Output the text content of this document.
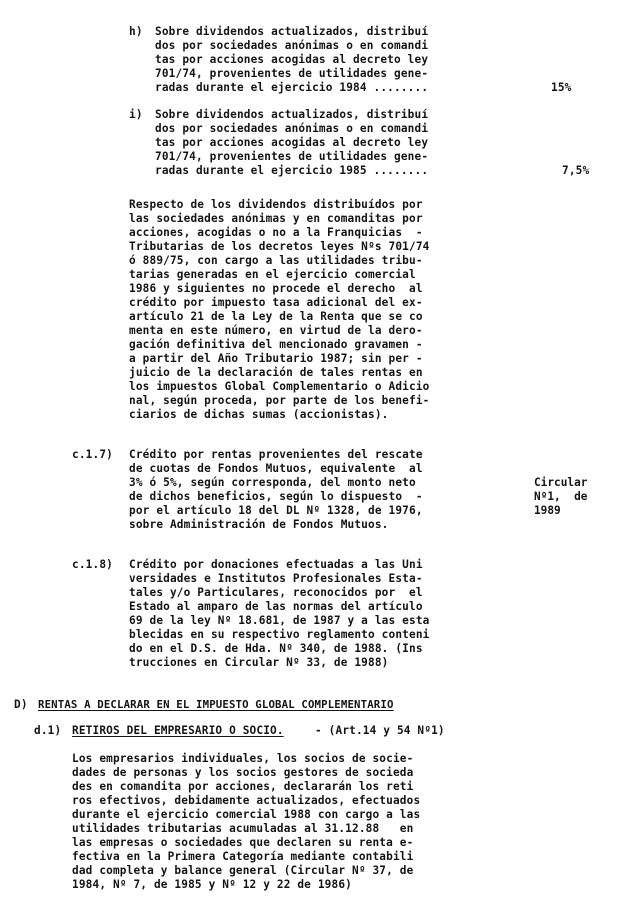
h) Sobre dividendos actualizados, distribuí
dos por sociedades anónimas o en comandi
tas por acciones acogidas al decreto ley
701/74, provenientes de utilidades gene-
radas durante el ejercicio 1984 ........	15%
i) Sobre dividendos actualizados, distribuí
dos por sociedades anónimas o en comandi
tas por acciones acogidas al decreto ley
701/74, provenientes de utilidades gene-
radas durante el ejercicio 1985 ........	7,5%
Respecto de los dividendos distribuídos por
las sociedades anónimas y en comanditas por
acciones, acogidas o no a la Franquicias  -
Tributarias de los decretos leyes Nºs 701/74
ó 889/75, con cargo a las utilidades tribu-
tarias generadas en el ejercicio comercial
1986 y siguientes no procede el derecho  al
crédito por impuesto tasa adicional del ex-
artículo 21 de la Ley de la Renta que se co
menta en este número, en virtud de la dero-
gación definitiva del mencionado gravamen -
a partir del Año Tributario 1987; sin per -
juicio de la declaración de tales rentas en
los impuestos Global Complementario o Adicio
nal, según proceda, por parte de los benefi-
ciarios de dichas sumas (accionistas).
c.1.7) Crédito por rentas provenientes del rescate
de cuotas de Fondos Mutuos, equivalente  al
3% ó 5%, según corresponda, del monto neto
de dichos beneficios, según lo dispuesto  -
por el artículo 18 del DL Nº 1328, de 1976,
sobre Administración de Fondos Mutuos.
Circular
Nº1,  de
1989
c.1.8) Crédito por donaciones efectuadas a las Uni
versidades e Institutos Profesionales Esta-
tales y/o Particulares, reconocidos por  el
Estado al amparo de las normas del artículo
69 de la ley Nº 18.681, de 1987 y a las esta
blecidas en su respectivo reglamento conteni
do en el D.S. de Hda. Nº 340, de 1988. (Ins
trucciones en Circular Nº 33, de 1988)
D) RENTAS A DECLARAR EN EL IMPUESTO GLOBAL COMPLEMENTARIO
d.1) RETIROS DEL EMPRESARIO O SOCIO.	- (Art.14 y 54 Nº1)
Los empresarios individuales, los socios de socie-
dades de personas y los socios gestores de socieda
des en comandita por acciones, declararán los reti
ros efectivos, debidamente actualizados, efectuados
durante el ejercicio comercial 1988 con cargo a las
utilidades tributarias acumuladas al 31.12.88   en
las empresas o sociedades que declaren su renta e-
fectiva en la Primera Categoría mediante contabili
dad completa y balance general (Circular Nº 37, de
1984, Nº 7, de 1985 y Nº 12 y 22 de 1986)
